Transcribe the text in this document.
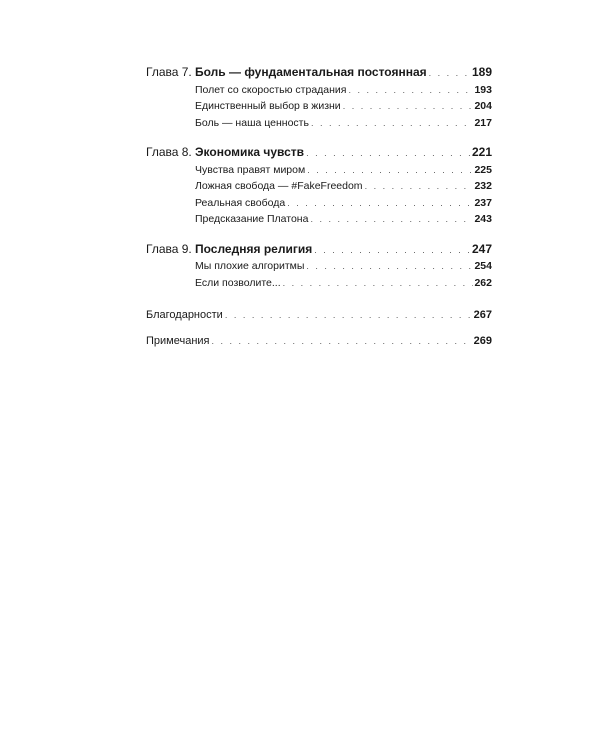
Глава 7. Боль — фундаментальная постоянная . . .	189
Полет со скоростью страдания . . .	193
Единственный выбор в жизни . . .	204
Боль — наша ценность . . .	217
Глава 8. Экономика чувств . . .	221
Чувства правят миром . . .	225
Ложная свобода — #FakeFreedom . . .	232
Реальная свобода . . .	237
Предсказание Платона . . .	243
Глава 9. Последняя религия . . .	247
Мы плохие алгоритмы . . .	254
Если позволите... . . .	262
Благодарности . . .	267
Примечания . . .	269
